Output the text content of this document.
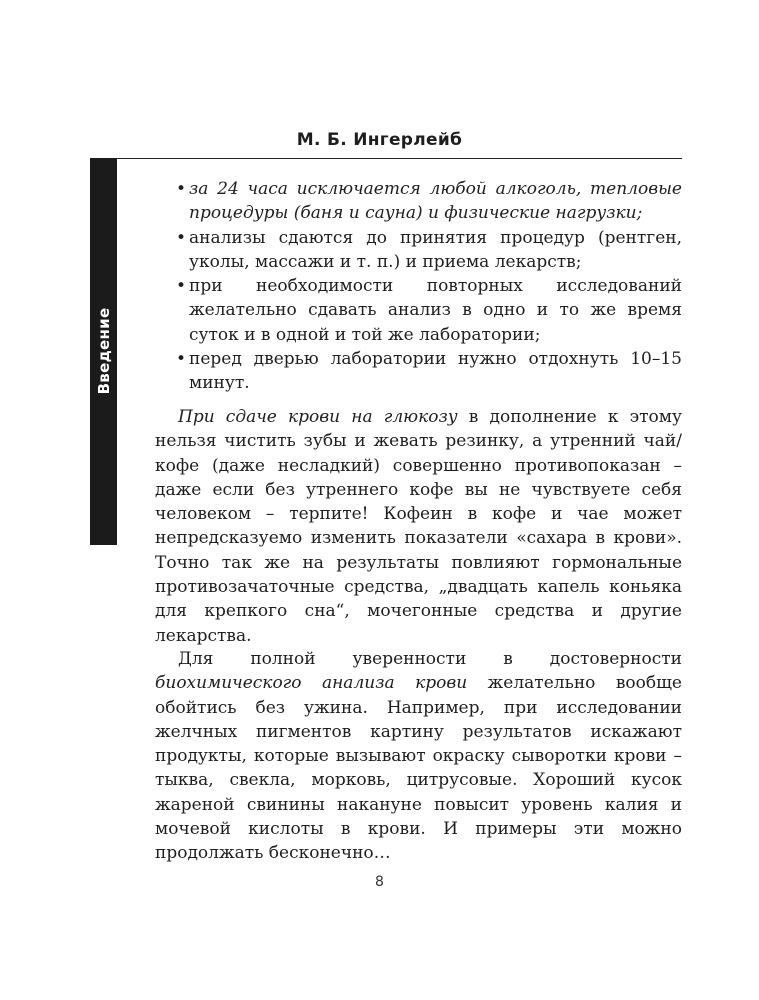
М. Б. Ингерлейб
Введение
• за 24 часа исключается любой алкоголь, тепловые процедуры (баня и сауна) и физические нагрузки;
• анализы сдаются до принятия процедур (рентген, уколы, массажи и т. п.) и приема лекарств;
• при необходимости повторных исследований желательно сдавать анализ в одно и то же время суток и в одной и той же лаборатории;
• перед дверью лаборатории нужно отдохнуть 10–15 минут.

При сдаче крови на глюкозу в дополнение к этому нельзя чистить зубы и жевать резинку, а утренний чай/кофе (даже несладкий) совершенно противопоказан – даже если без утреннего кофе вы не чувствуете себя человеком – терпите! Кофеин в кофе и чае может непредсказуемо изменить показатели «сахара в крови». Точно так же на результаты повлияют гормональные противозачаточные средства, „двадцать капель коньяка для крепкого сна“, мочегонные средства и другие лекарства.

Для полной уверенности в достоверности биохимического анализа крови желательно вообще обойтись без ужина. Например, при исследовании желчных пигментов картину результатов искажают продукты, которые вызывают окраску сыворотки крови – тыква, свекла, морковь, цитрусовые. Хороший кусок жареной свинины накануне повысит уровень калия и мочевой кислоты в крови. И примеры эти можно продолжать бесконечно…

8
